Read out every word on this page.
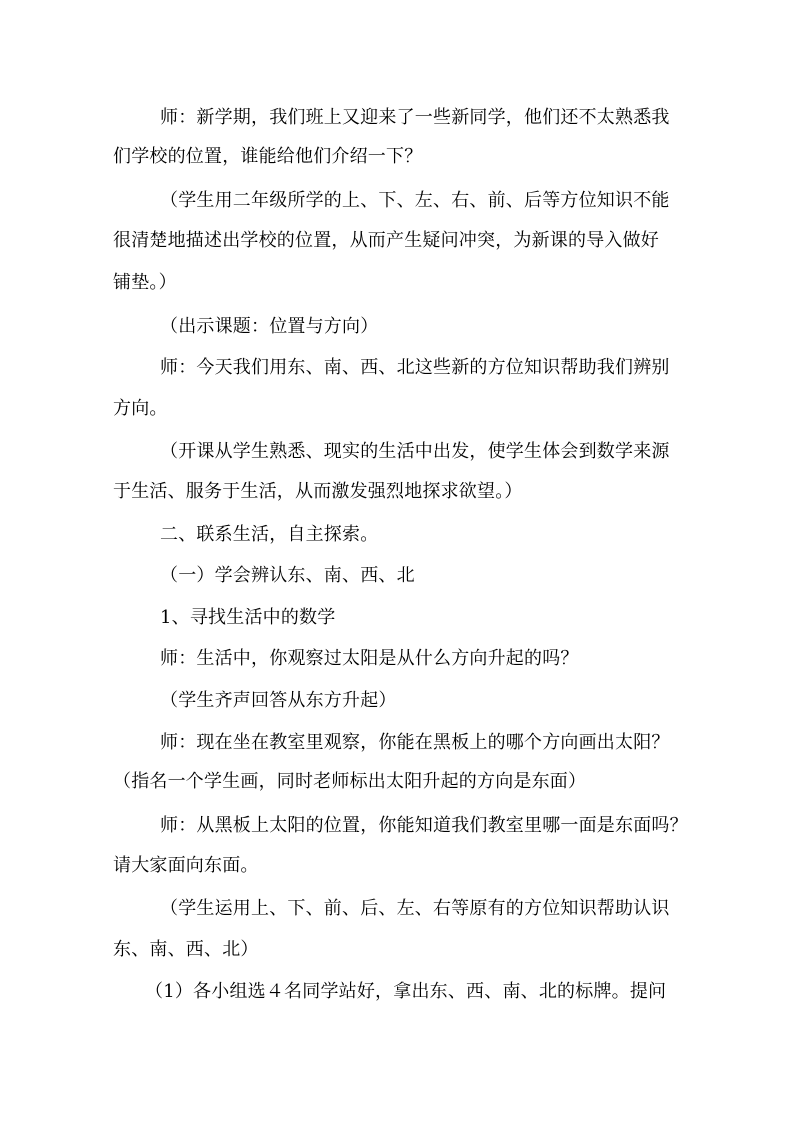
师：新学期，我们班上又迎来了一些新同学，他们还不太熟悉我
们学校的位置，谁能给他们介绍一下？
（学生用二年级所学的上、下、左、右、前、后等方位知识不能
很清楚地描述出学校的位置，从而产生疑问冲突，为新课的导入做好
铺垫。）
（出示课题：位置与方向）
师：今天我们用东、南、西、北这些新的方位知识帮助我们辨别
方向。
（开课从学生熟悉、现实的生活中出发，使学生体会到数学来源
于生活、服务于生活，从而激发强烈地探求欲望。）
二、联系生活，自主探索。
（一）学会辨认东、南、西、北
1、寻找生活中的数学
师：生活中，你观察过太阳是从什么方向升起的吗？
（学生齐声回答从东方升起）
师：现在坐在教室里观察，你能在黑板上的哪个方向画出太阳？
（指名一个学生画，同时老师标出太阳升起的方向是东面）
师：从黑板上太阳的位置，你能知道我们教室里哪一面是东面吗？
请大家面向东面。
（学生运用上、下、前、后、左、右等原有的方位知识帮助认识
东、南、西、北）
（1）各小组选４名同学站好，拿出东、西、南、北的标牌。提问
